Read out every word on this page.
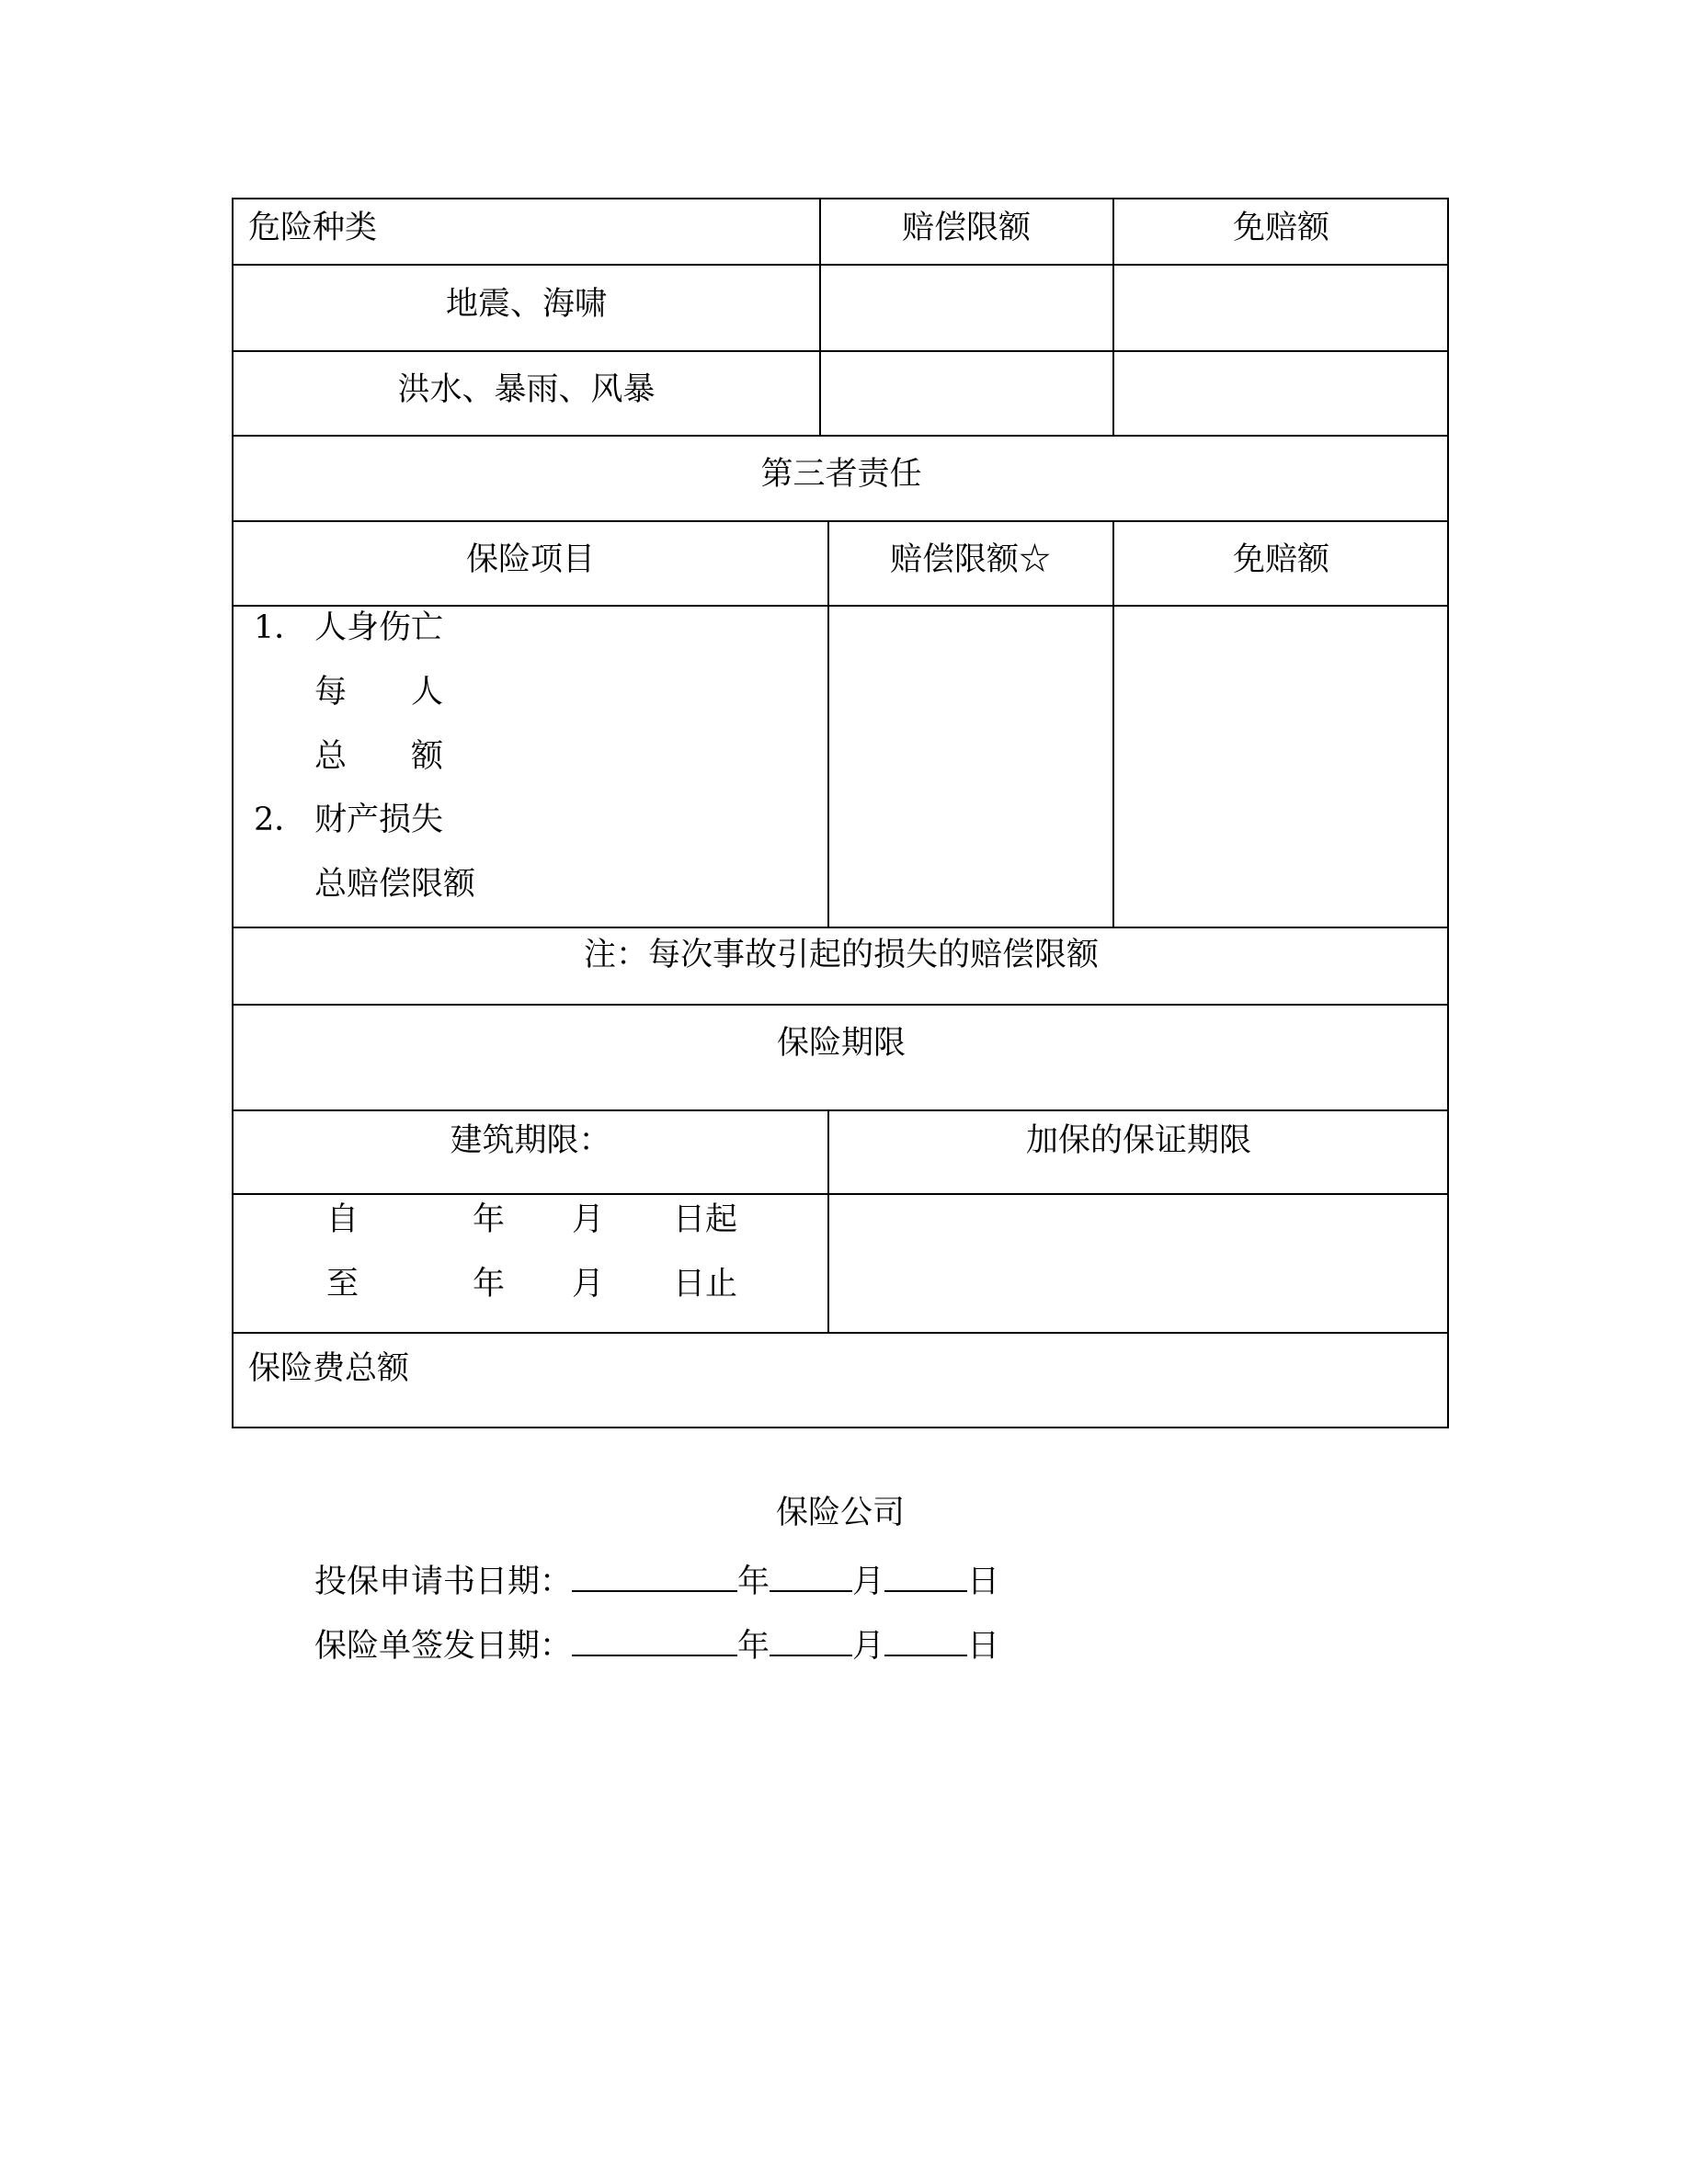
危险种类	赔偿限额	免赔额
地震、海啸
洪水、暴雨、风暴
第三者责任
保险项目	赔偿限额☆	免赔额
1． 人身伤亡
每　　人
总　　额
2． 财产损失
总赔偿限额
注：每次事故引起的损失的赔偿限额
保险期限
建筑期限：	加保的保证期限
自	年 月 日起
至	年 月 日止
保险费总额
保险公司
投保申请书日期：	年	月	日
保险单签发日期：	年	月	日
